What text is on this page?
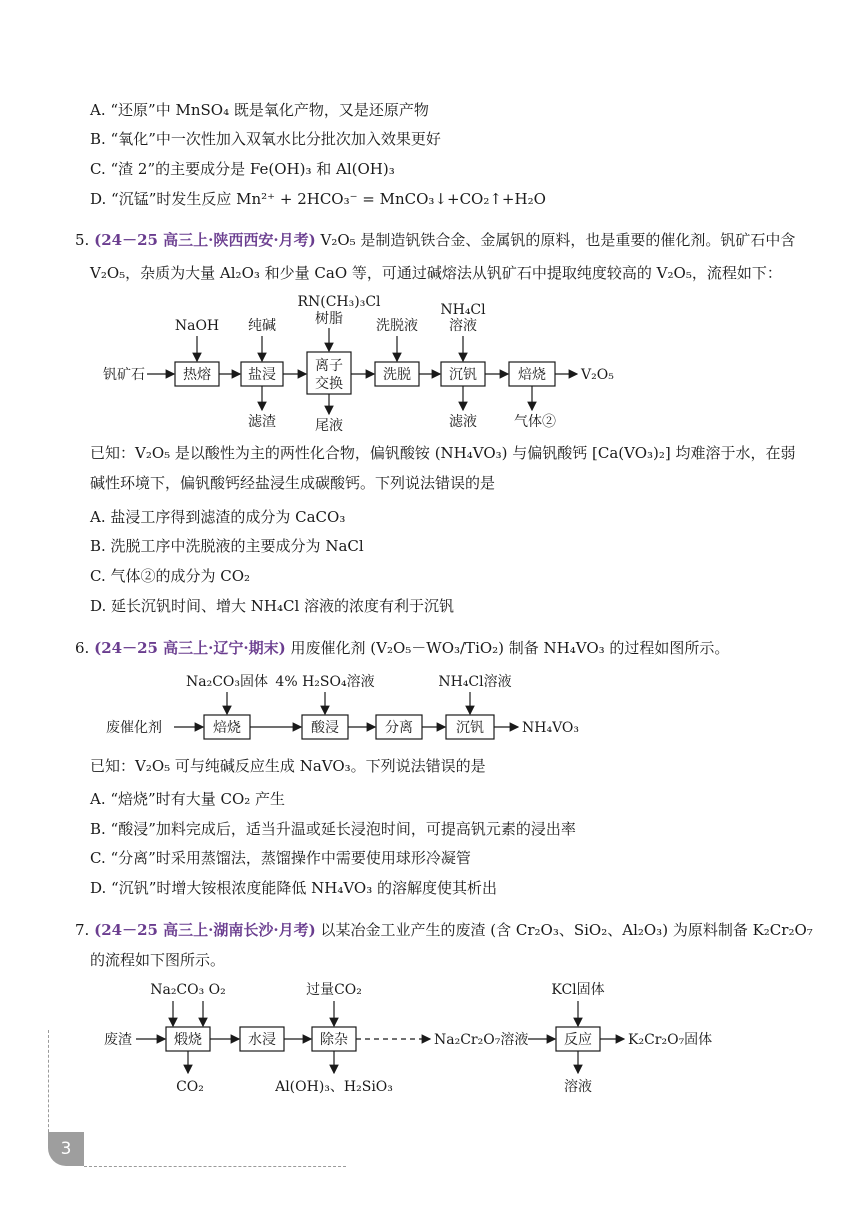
A. “还原”中 MnSO₄ 既是氧化产物，又是还原产物
B. “氧化”中一次性加入双氧水比分批次加入效果更好
C. “渣 2”的主要成分是 Fe(OH)₃ 和 Al(OH)₃
D. “沉锰”时发生反应 Mn²⁺ + 2HCO₃⁻ = MnCO₃↓+CO₂↑+H₂O
5. (24－25 高三上·陕西西安·月考) V₂O₅ 是制造钒铁合金、金属钒的原料，也是重要的催化剂。钒矿石中含
V₂O₅，杂质为大量 Al₂O₃ 和少量 CaO 等，可通过碱熔法从钒矿石中提取纯度较高的 V₂O₅，流程如下：
钒矿石	热熔	盐浸
离子
交换
洗脱	沉钒	焙烧	V₂O₅
NaOH 纯碱
RN(CH₃)₃Cl
树脂 洗脱液
NH₄Cl
溶液
滤渣	尾液	滤液	气体②
已知：V₂O₅ 是以酸性为主的两性化合物，偏钒酸铵 (NH₄VO₃) 与偏钒酸钙 [Ca(VO₃)₂] 均难溶于水，在弱
碱性环境下，偏钒酸钙经盐浸生成碳酸钙。下列说法错误的是
A. 盐浸工序得到滤渣的成分为 CaCO₃
B. 洗脱工序中洗脱液的主要成分为 NaCl
C. 气体②的成分为 CO₂
D. 延长沉钒时间、增大 NH₄Cl 溶液的浓度有利于沉钒
6. (24－25 高三上·辽宁·期末) 用废催化剂 (V₂O₅－WO₃/TiO₂) 制备 NH₄VO₃ 的过程如图所示。
废催化剂	焙烧	酸浸	分离	沉钒	NH₄VO₃
Na₂CO₃固体 4% H₂SO₄溶液	NH₄Cl溶液
已知：V₂O₅ 可与纯碱反应生成 NaVO₃。下列说法错误的是
A. “焙烧”时有大量 CO₂ 产生
B. “酸浸”加料完成后，适当升温或延长浸泡时间，可提高钒元素的浸出率
C. “分离”时采用蒸馏法，蒸馏操作中需要使用球形冷凝管
D. “沉钒”时增大铵根浓度能降低 NH₄VO₃ 的溶解度使其析出
7. (24－25 高三上·湖南长沙·月考) 以某冶金工业产生的废渣 (含 Cr₂O₃、SiO₂、Al₂O₃) 为原料制备 K₂Cr₂O₇
的流程如下图所示。
废渣	煅烧	水浸	除杂	Na₂Cr₂O₇溶液	反应	K₂Cr₂O₇固体
Na₂CO₃ O₂	过量CO₂	KCl固体
CO₂	Al(OH)₃、H₂SiO₃	溶液
3
